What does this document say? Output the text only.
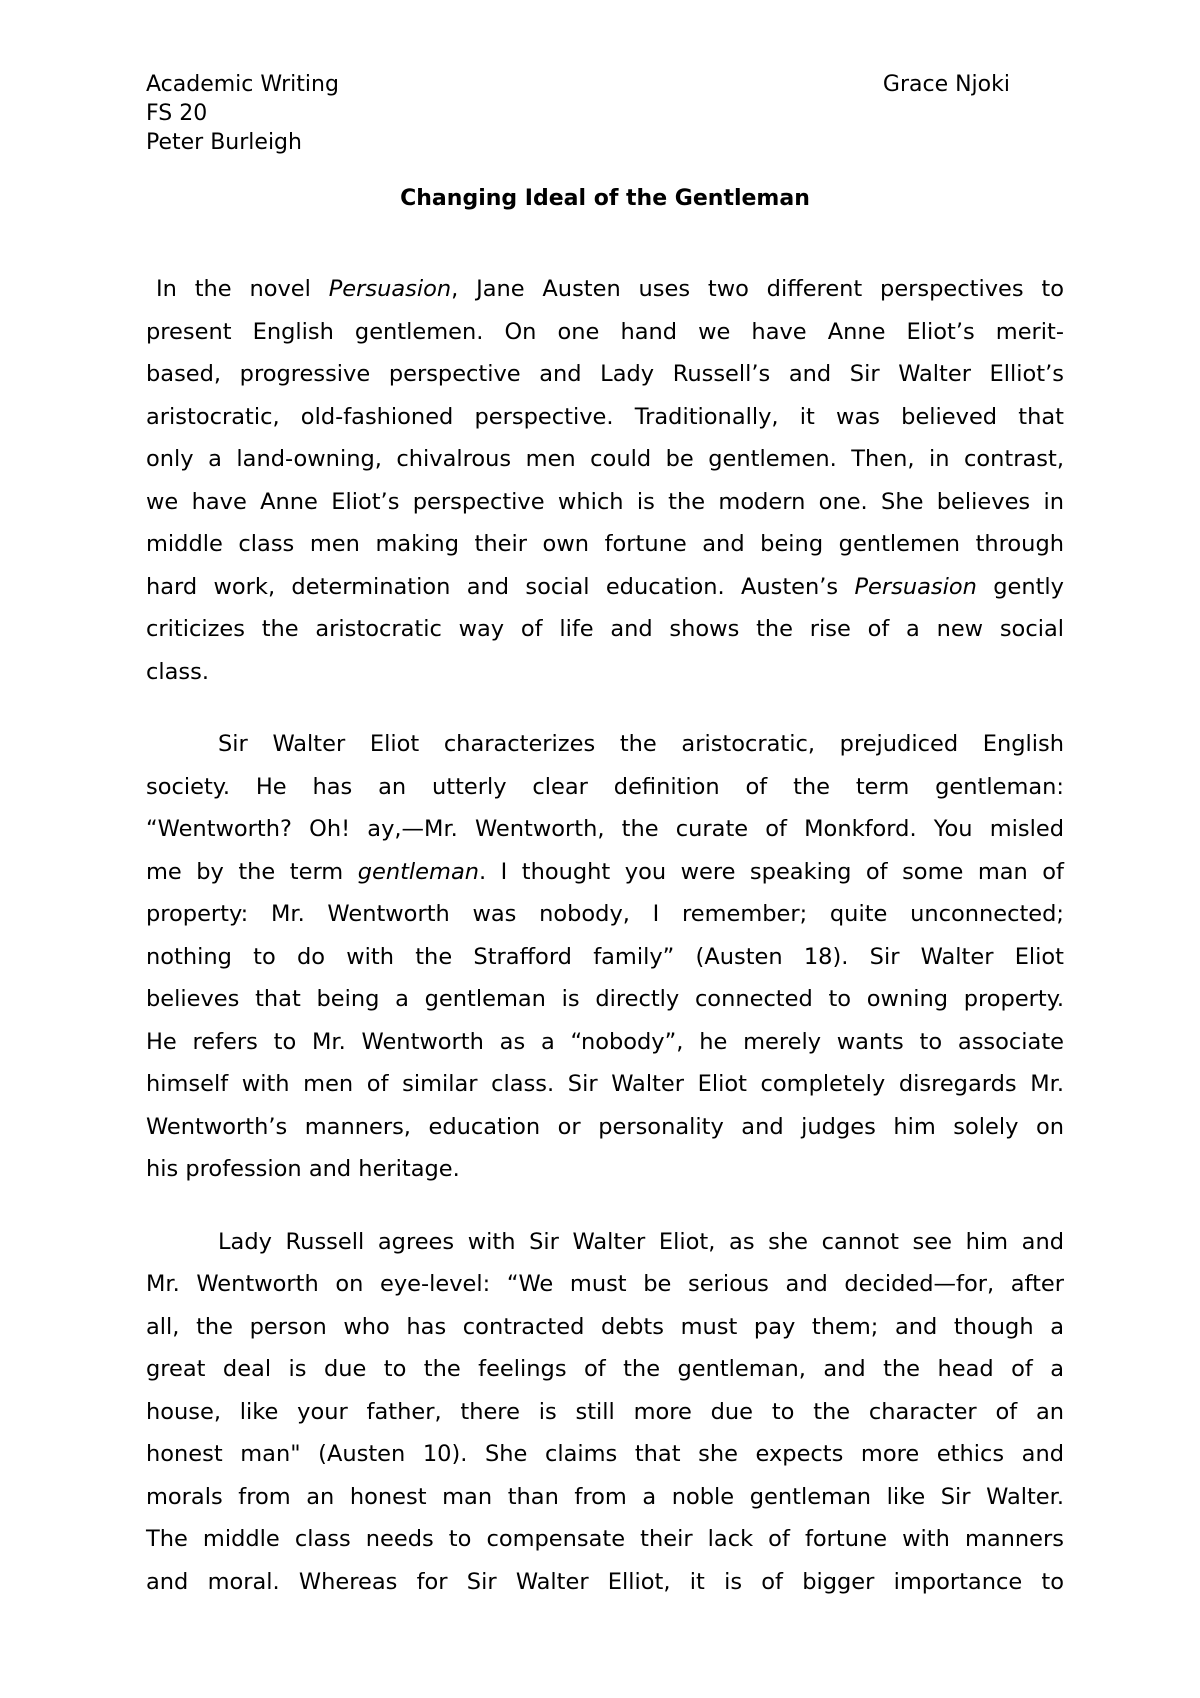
Academic Writing
FS 20
Peter Burleigh
Grace Njoki
Changing Ideal of the Gentleman
In the novel Persuasion, Jane Austen uses two different perspectives to
present English gentlemen. On one hand we have Anne Eliot’s merit-
based, progressive perspective and Lady Russell’s and Sir Walter Elliot’s
aristocratic, old-fashioned perspective. Traditionally, it was believed that
only a land-owning, chivalrous men could be gentlemen. Then, in contrast,
we have Anne Eliot’s perspective which is the modern one. She believes in
middle class men making their own fortune and being gentlemen through
hard work, determination and social education. Austen’s Persuasion gently
criticizes the aristocratic way of life and shows the rise of a new social
class.
Sir Walter Eliot characterizes the aristocratic, prejudiced English
society. He has an utterly clear definition of the term gentleman:
“Wentworth? Oh! ay,—Mr. Wentworth, the curate of Monkford. You misled
me by the term gentleman. I thought you were speaking of some man of
property: Mr. Wentworth was nobody, I remember; quite unconnected;
nothing to do with the Strafford family” (Austen 18). Sir Walter Eliot
believes that being a gentleman is directly connected to owning property.
He refers to Mr. Wentworth as a “nobody”, he merely wants to associate
himself with men of similar class. Sir Walter Eliot completely disregards Mr.
Wentworth’s manners, education or personality and judges him solely on
his profession and heritage.
Lady Russell agrees with Sir Walter Eliot, as she cannot see him and
Mr. Wentworth on eye-level: “We must be serious and decided—for, after
all, the person who has contracted debts must pay them; and though a
great deal is due to the feelings of the gentleman, and the head of a
house, like your father, there is still more due to the character of an
honest man" (Austen 10). She claims that she expects more ethics and
morals from an honest man than from a noble gentleman like Sir Walter.
The middle class needs to compensate their lack of fortune with manners
and moral. Whereas for Sir Walter Elliot, it is of bigger importance to
